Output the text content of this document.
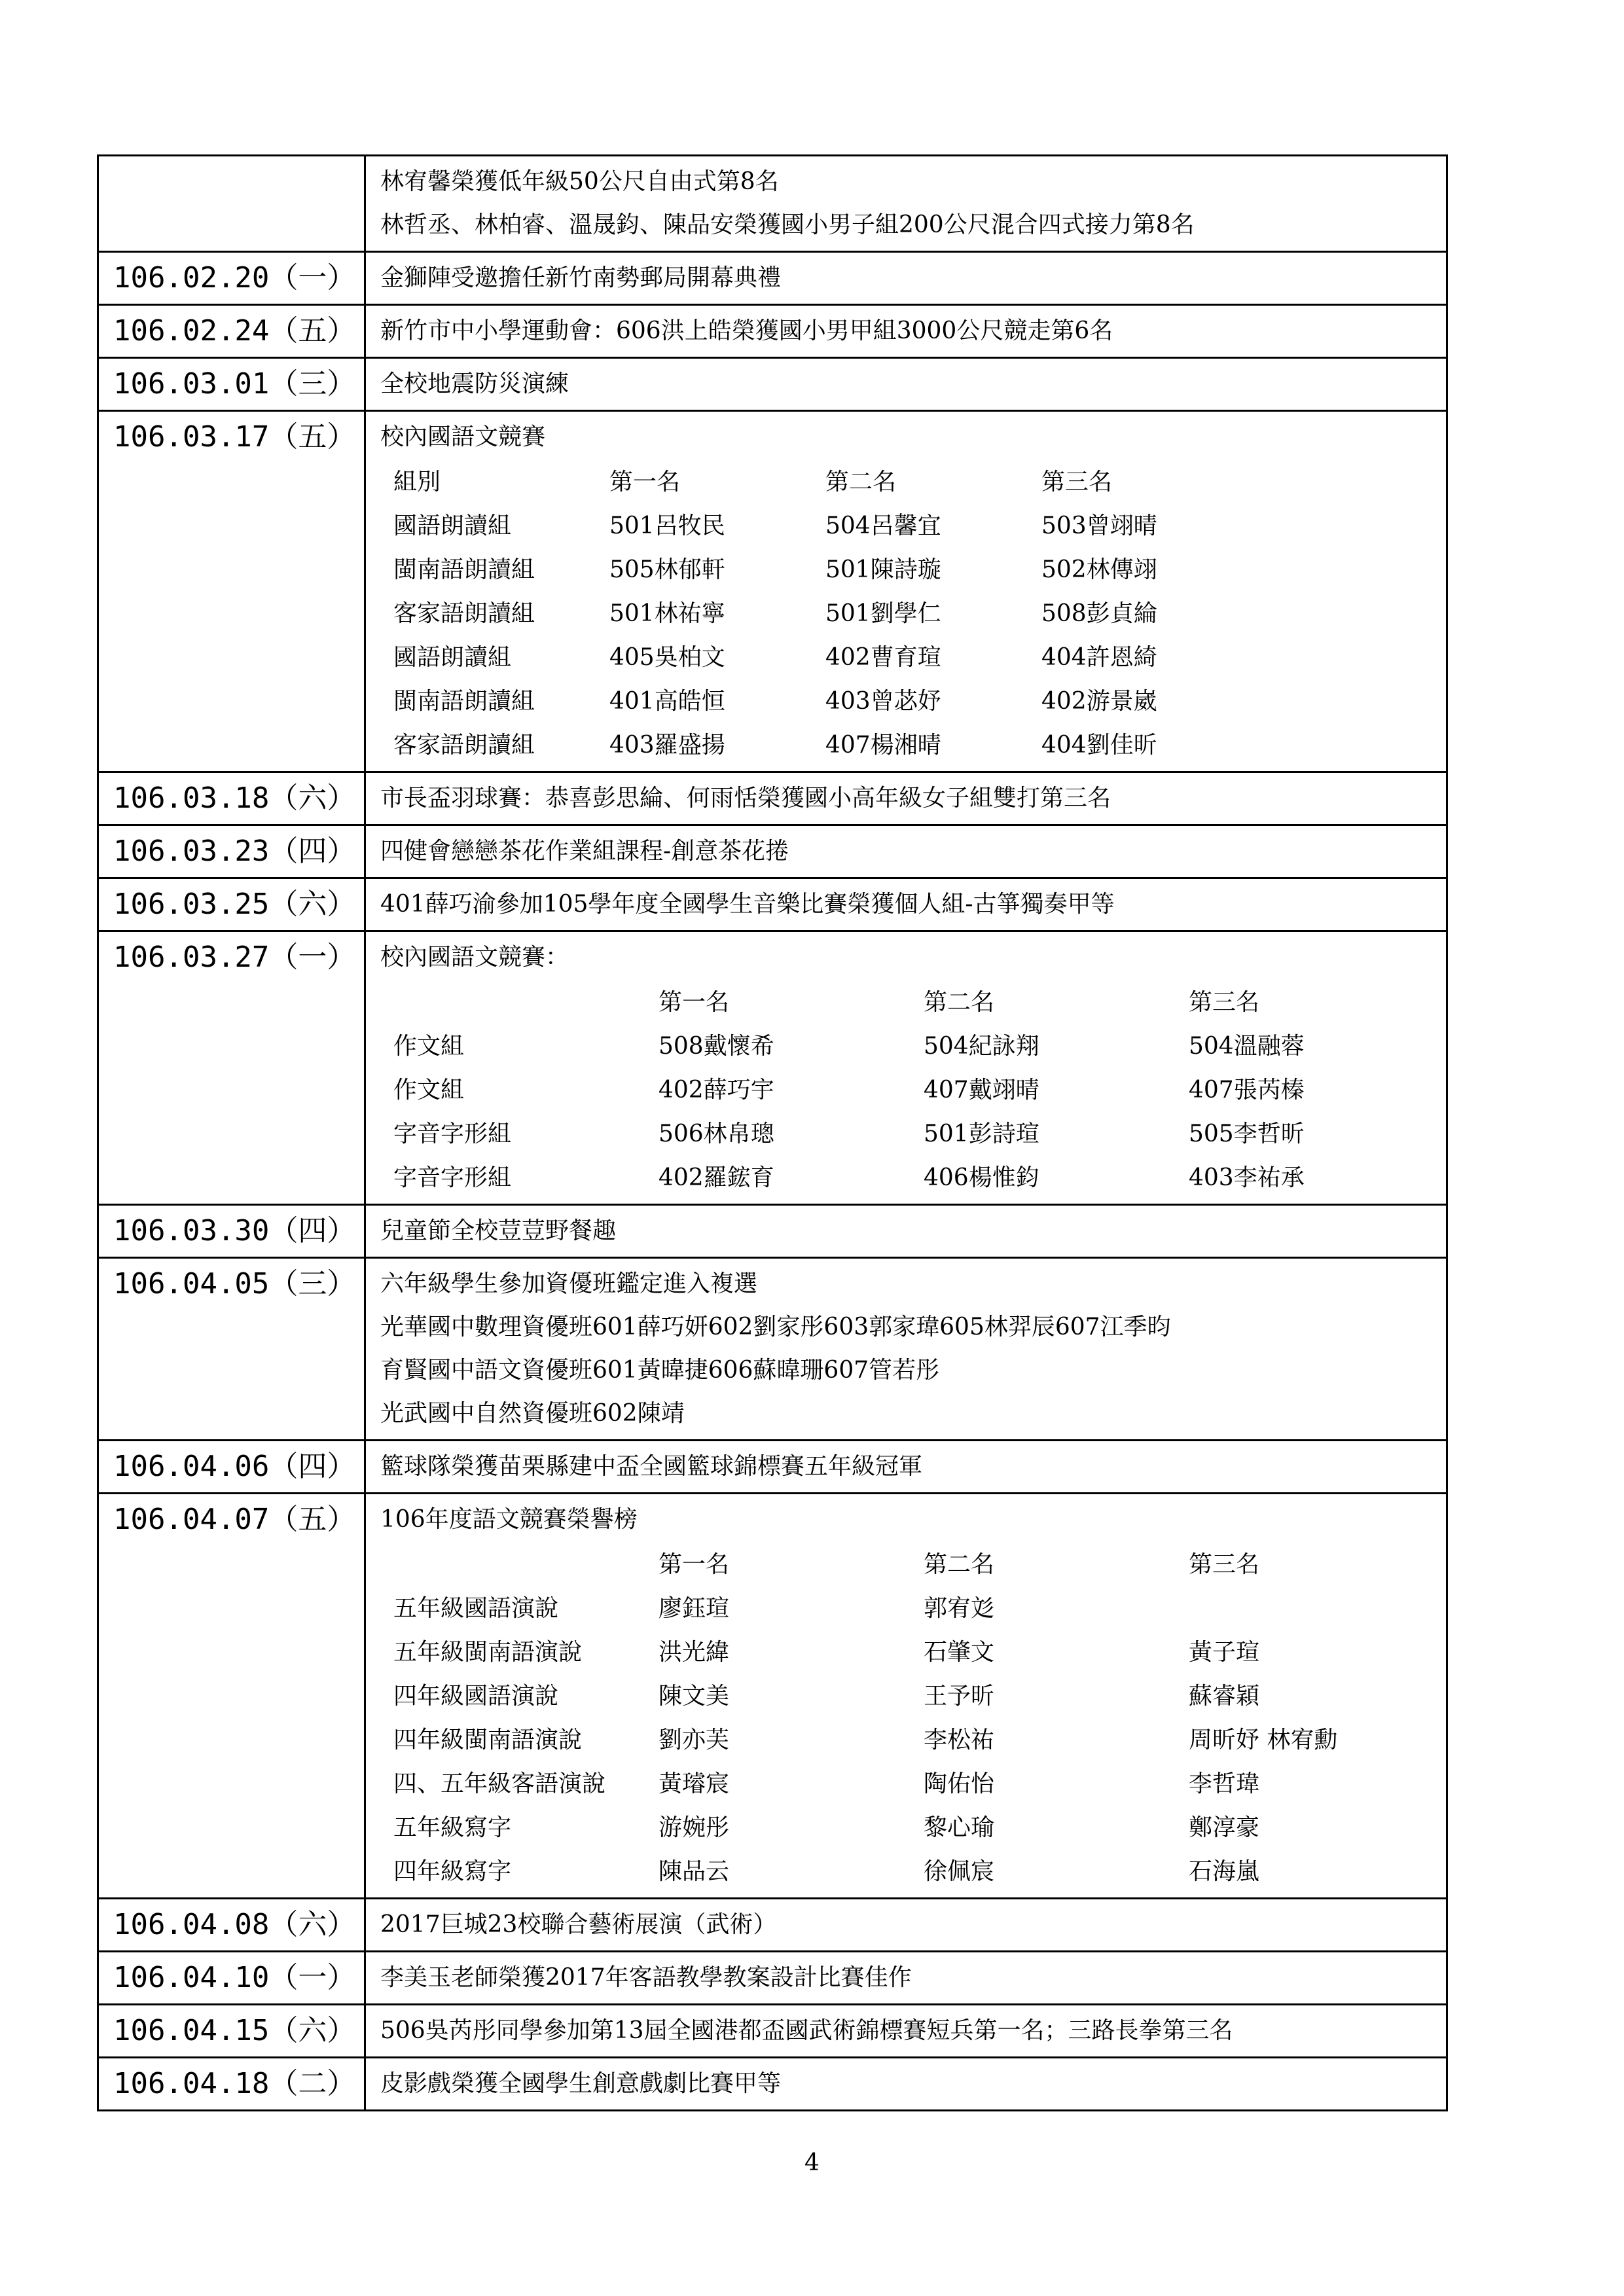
林宥馨榮獲低年級50公尺自由式第8名
林哲丞、林柏睿、溫晟鈞、陳品安榮獲國小男子組200公尺混合四式接力第8名

106.02.20（一）	金獅陣受邀擔任新竹南勢郵局開幕典禮

106.02.24（五）	新竹市中小學運動會：606洪上皓榮獲國小男甲組3000公尺競走第6名

106.03.01（三）	全校地震防災演練

106.03.17（五）	校內國語文競賽
組別	第一名	第二名	第三名
國語朗讀組	501呂牧民	504呂馨宜	503曾翊晴
閩南語朗讀組	505林郁軒	501陳詩璇	502林傳翊
客家語朗讀組	501林祐寧	501劉學仁	508彭貞綸
國語朗讀組	405吳柏文	402曹育瑄	404許恩綺
閩南語朗讀組	401高皓恒	403曾苾妤	402游景崴
客家語朗讀組	403羅盛揚	407楊湘晴	404劉佳昕

106.03.18（六）	市長盃羽球賽：恭喜彭思綸、何雨恬榮獲國小高年級女子組雙打第三名

106.03.23（四）	四健會戀戀茶花作業組課程-創意茶花捲

106.03.25（六）	401薛巧渝參加105學年度全國學生音樂比賽榮獲個人組-古箏獨奏甲等

106.03.27（一）	校內國語文競賽：
	第一名	第二名	第三名
作文組	508戴懷希	504紀詠翔	504溫融蓉
作文組	402薛巧宇	407戴翊晴	407張芮榛
字音字形組	506林帛璁	501彭詩瑄	505李哲昕
字音字形組	402羅鋐育	406楊惟鈞	403李祐承

106.03.30（四）	兒童節全校荳荳野餐趣

106.04.05（三）	六年級學生參加資優班鑑定進入複選
光華國中數理資優班601薛巧妍602劉家彤603郭家瑋605林羿辰607江季昀
育賢國中語文資優班601黃暐捷606蘇暐珊607管若彤
光武國中自然資優班602陳靖

106.04.06（四）	籃球隊榮獲苗栗縣建中盃全國籃球錦標賽五年級冠軍

106.04.07（五）	106年度語文競賽榮譽榜
	第一名	第二名	第三名
五年級國語演說	廖鈺瑄	郭宥彣	
五年級閩南語演說	洪光緯	石肇文	黃子瑄
四年級國語演說	陳文美	王予昕	蘇睿穎
四年級閩南語演說	劉亦芙	李松祐	周昕妤 林宥勳
四、五年級客語演說	黃璿宸	陶佑怡	李哲瑋
五年級寫字	游婉彤	黎心瑜	鄭淳豪
四年級寫字	陳品云	徐佩宸	石海嵐

106.04.08（六）	2017巨城23校聯合藝術展演（武術）

106.04.10（一）	李美玉老師榮獲2017年客語教學教案設計比賽佳作

106.04.15（六）	506吳芮彤同學參加第13屆全國港都盃國武術錦標賽短兵第一名；三路長拳第三名

106.04.18（二）	皮影戲榮獲全國學生創意戲劇比賽甲等
4
